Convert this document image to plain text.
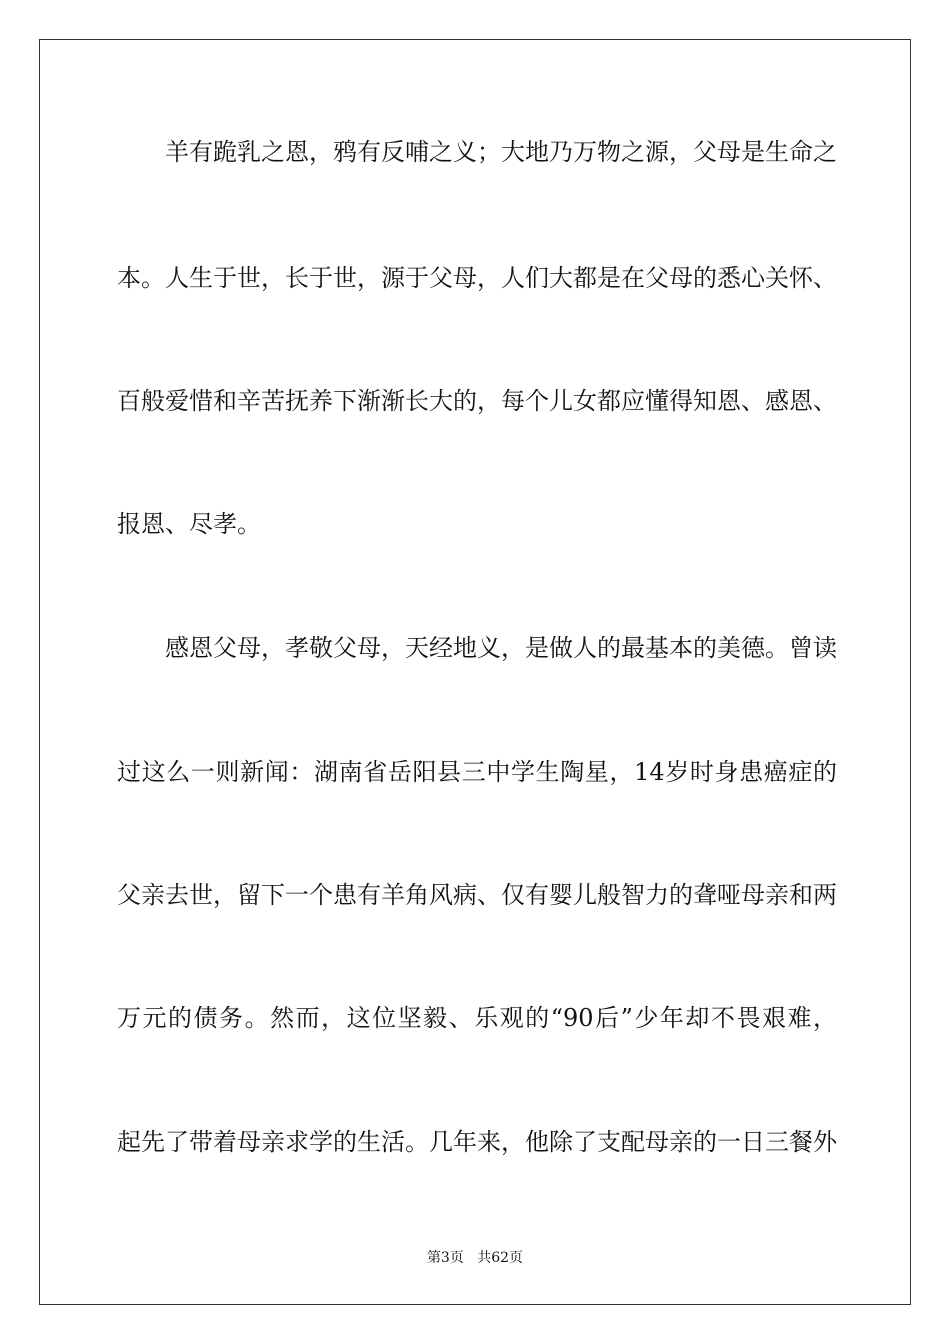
羊有跪乳之恩，鸦有反哺之义；大地乃万物之源，父母是生命之
本。人生于世，长于世，源于父母，人们大都是在父母的悉心关怀、
百般爱惜和辛苦抚养下渐渐长大的，每个儿女都应懂得知恩、感恩、
报恩、尽孝。
感恩父母，孝敬父母，天经地义，是做人的最基本的美德。曾读
过这么一则新闻：湖南省岳阳县三中学生陶星，14岁时身患癌症的
父亲去世，留下一个患有羊角风病、仅有婴儿般智力的聋哑母亲和两
万元的债务。然而，这位坚毅、乐观的“90后”少年却不畏艰难，
起先了带着母亲求学的生活。几年来，他除了支配母亲的一日三餐外
第3页 共62页
